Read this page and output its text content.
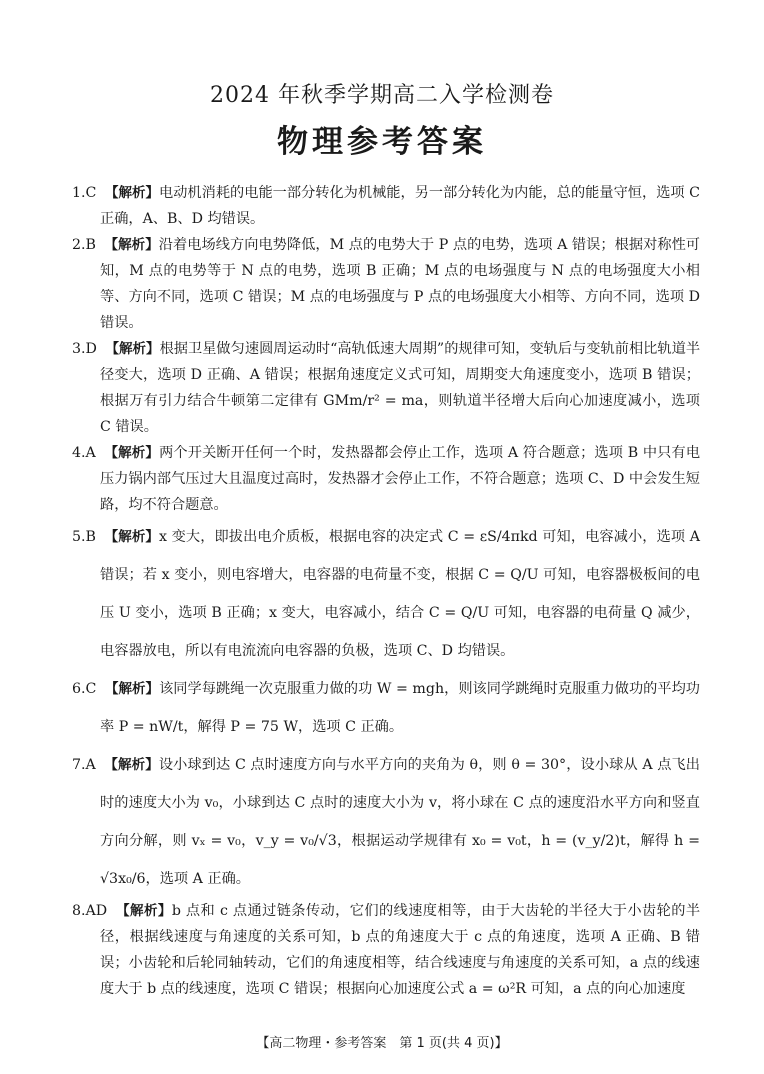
2024 年秋季学期高二入学检测卷
物理参考答案

1.C 【解析】电动机消耗的电能一部分转化为机械能，另一部分转化为内能，总的能量守恒，选项 C 正确，A、B、D 均错误。

2.B 【解析】沿着电场线方向电势降低，M 点的电势大于 P 点的电势，选项 A 错误；根据对称性可知，M 点的电势等于 N 点的电势，选项 B 正确；M 点的电场强度与 N 点的电场强度大小相等、方向不同，选项 C 错误；M 点的电场强度与 P 点的电场强度大小相等、方向不同，选项 D 错误。

3.D 【解析】根据卫星做匀速圆周运动时“高轨低速大周期”的规律可知，变轨后与变轨前相比轨道半径变大，选项 D 正确、A 错误；根据角速度定义式可知，周期变大角速度变小，选项 B 错误；根据万有引力结合牛顿第二定律有 GMm/r² = ma，则轨道半径增大后向心加速度减小，选项 C 错误。

4.A 【解析】两个开关断开任何一个时，发热器都会停止工作，选项 A 符合题意；选项 B 中只有电压力锅内部气压过大且温度过高时，发热器才会停止工作，不符合题意；选项 C、D 中会发生短路，均不符合题意。

5.B 【解析】x 变大，即拔出电介质板，根据电容的决定式 C = εS/4πkd 可知，电容减小，选项 A 错误；若 x 变小，则电容增大，电容器的电荷量不变，根据 C = Q/U 可知，电容器极板间的电压 U 变小，选项 B 正确；x 变大，电容减小，结合 C = Q/U 可知，电容器的电荷量 Q 减少，电容器放电，所以有电流流向电容器的负极，选项 C、D 均错误。

6.C 【解析】该同学每跳绳一次克服重力做的功 W = mgh，则该同学跳绳时克服重力做功的平均功率 P = nW/t，解得 P = 75 W，选项 C 正确。

7.A 【解析】设小球到达 C 点时速度方向与水平方向的夹角为 θ，则 θ = 30°，设小球从 A 点飞出时的速度大小为 v₀，小球到达 C 点时的速度大小为 v，将小球在 C 点的速度沿水平方向和竖直方向分解，则 vₓ = v₀，v_y = v₀/√3，根据运动学规律有 x₀ = v₀t，h = (v_y/2)t，解得 h = √3x₀/6，选项 A 正确。

8.AD 【解析】b 点和 c 点通过链条传动，它们的线速度相等，由于大齿轮的半径大于小齿轮的半径，根据线速度与角速度的关系可知，b 点的角速度大于 c 点的角速度，选项 A 正确、B 错误；小齿轮和后轮同轴转动，它们的角速度相等，结合线速度与角速度的关系可知，a 点的线速度大于 b 点的线速度，选项 C 错误；根据向心加速度公式 a = ω²R 可知，a 点的向心加速度

【高二物理・参考答案　第 1 页(共 4 页)】
